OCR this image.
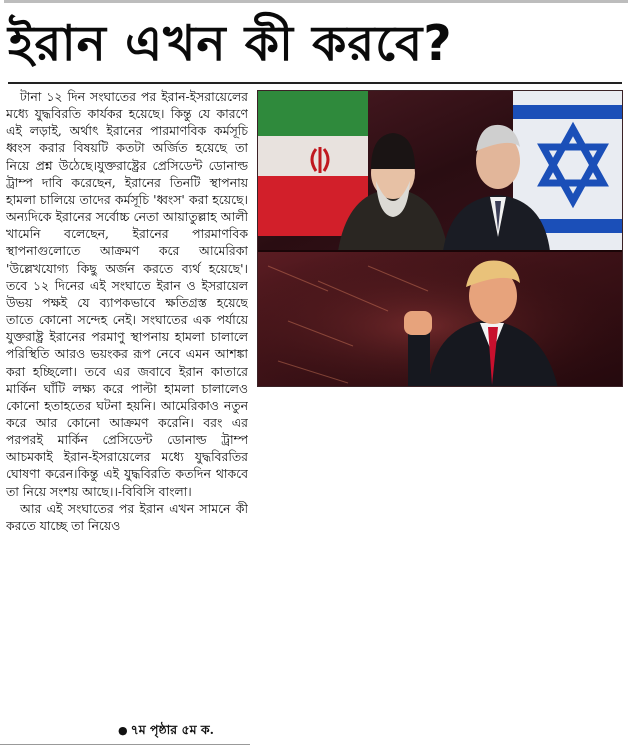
ইরান এখন কী করবে?

টানা ১২ দিন সংঘাতের পর ইরান-ইসরায়েলের মধ্যে যুদ্ধবিরতি কার্যকর হয়েছে। কিন্তু যে কারণে এই লড়াই, অর্থাৎ ইরানের পারমাণবিক কর্মসূচি ধ্বংস করার বিষয়টি কতটা অর্জিত হয়েছে তা নিয়ে প্রশ্ন উঠেছে।যুক্তরাষ্ট্রের প্রেসিডেন্ট ডোনাল্ড ট্রাম্প দাবি করেছেন, ইরানের তিনটি স্থাপনায় হামলা চালিয়ে তাদের কর্মসূচি 'ধ্বংস' করা হয়েছে। অন্যদিকে ইরানের সর্বোচ্চ নেতা আয়াতুল্লাহ আলী খামেনি বলেছেন, ইরানের পারমাণবিক স্থাপনাগুলোতে আক্রমণ করে আমেরিকা 'উল্লেখযোগ্য কিছু অর্জন করতে ব্যর্থ হয়েছে'। তবে ১২ দিনের এই সংঘাতে ইরান ও ইসরায়েল উভয় পক্ষই যে ব্যাপকভাবে ক্ষতিগ্রস্ত হয়েছে তাতে কোনো সন্দেহ নেই। সংঘাতের এক পর্যায়ে যুক্তরাষ্ট্র ইরানের পরমাণু স্থাপনায় হামলা চালালে পরিস্থিতি আরও ভয়ংকর রূপ নেবে এমন আশঙ্কা করা হচ্ছিলো। তবে এর জবাবে ইরান কাতারে মার্কিন ঘাঁটি লক্ষ্য করে পাল্টা হামলা চালালেও কোনো হতাহতের ঘটনা হয়নি। আমেরিকাও নতুন করে আর কোনো আক্রমণ করেনি। বরং এর পরপরই মার্কিন প্রেসিডেন্ট ডোনাল্ড ট্রাম্প আচমকাই ইরান-ইসরায়েলের মধ্যে যুদ্ধবিরতির ঘোষণা করেন।কিন্তু এই যুদ্ধবিরতি কতদিন থাকবে তা নিয়ে সংশয় আছে।।-বিবিসি বাংলা।

আর এই সংঘাতের পর ইরান এখন সামনে কী করতে যাচ্ছে তা নিয়েও

● ৭ম পৃষ্ঠার ৫ম ক.
